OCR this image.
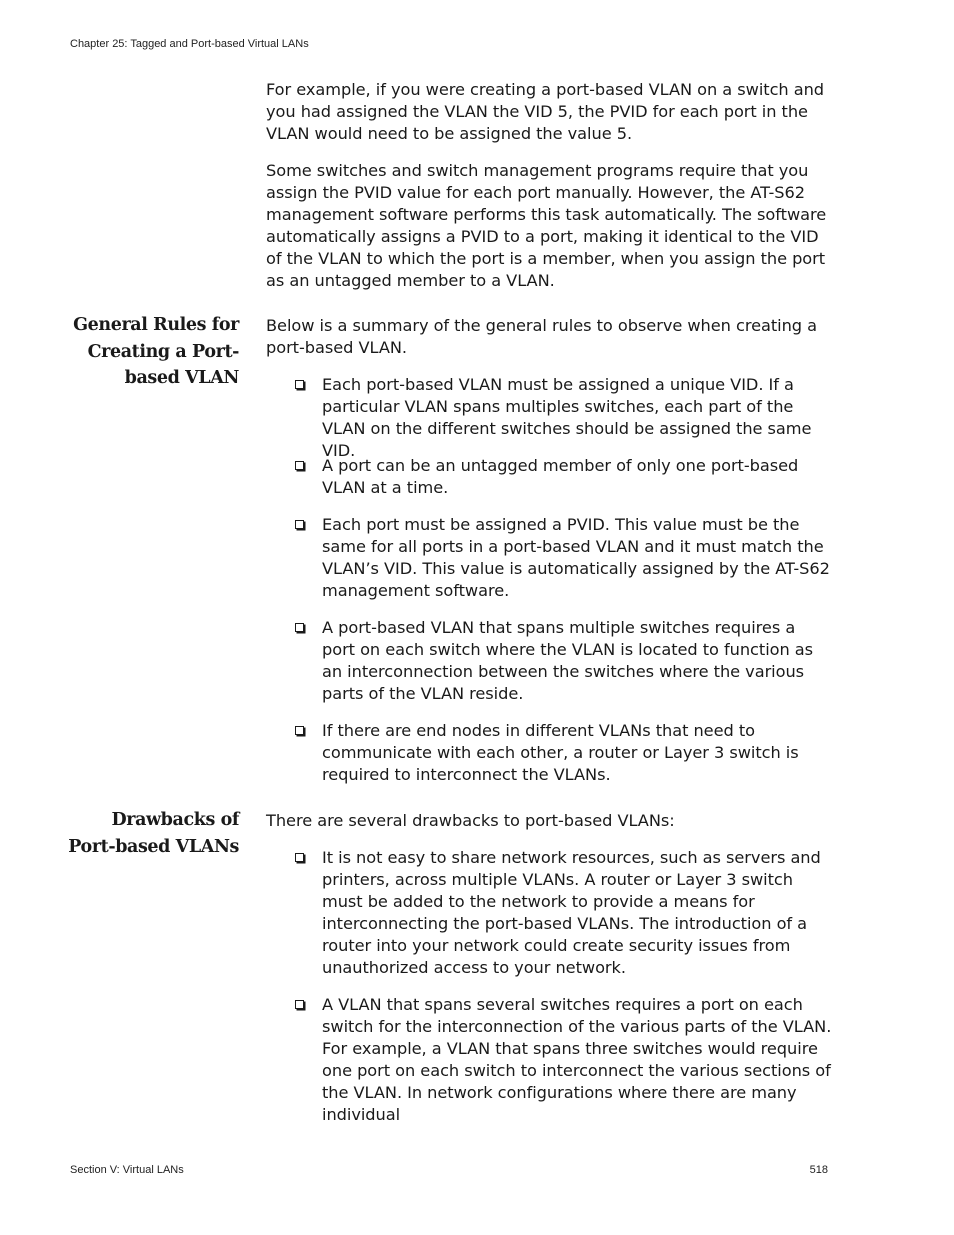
Chapter 25: Tagged and Port-based Virtual LANs

For example, if you were creating a port-based VLAN on a switch and you had assigned the VLAN the VID 5, the PVID for each port in the VLAN would need to be assigned the value 5.

Some switches and switch management programs require that you assign the PVID value for each port manually. However, the AT-S62 management software performs this task automatically. The software automatically assigns a PVID to a port, making it identical to the VID of the VLAN to which the port is a member, when you assign the port as an untagged member to a VLAN.

General Rules for Creating a Port-based VLAN

Below is a summary of the general rules to observe when creating a port-based VLAN.

Each port-based VLAN must be assigned a unique VID. If a particular VLAN spans multiples switches, each part of the VLAN on the different switches should be assigned the same VID.

A port can be an untagged member of only one port-based VLAN at a time.

Each port must be assigned a PVID. This value must be the same for all ports in a port-based VLAN and it must match the VLAN’s VID. This value is automatically assigned by the AT-S62 management software.

A port-based VLAN that spans multiple switches requires a port on each switch where the VLAN is located to function as an interconnection between the switches where the various parts of the VLAN reside.

If there are end nodes in different VLANs that need to communicate with each other, a router or Layer 3 switch is required to interconnect the VLANs.

Drawbacks of Port-based VLANs

There are several drawbacks to port-based VLANs:

It is not easy to share network resources, such as servers and printers, across multiple VLANs. A router or Layer 3 switch must be added to the network to provide a means for interconnecting the port-based VLANs. The introduction of a router into your network could create security issues from unauthorized access to your network.

A VLAN that spans several switches requires a port on each switch for the interconnection of the various parts of the VLAN. For example, a VLAN that spans three switches would require one port on each switch to interconnect the various sections of the VLAN. In network configurations where there are many individual

Section V: Virtual LANs	518
